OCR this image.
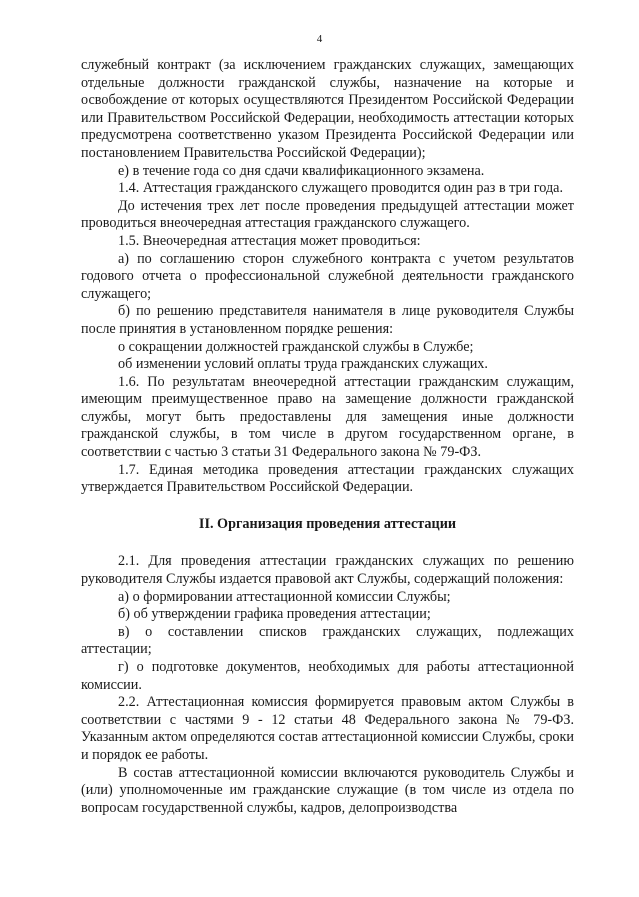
4

служебный контракт (за исключением гражданских служащих, замещающих отдельные должности гражданской службы, назначение на которые и освобождение от которых осуществляются Президентом Российской Федерации или Правительством Российской Федерации, необходимость аттестации которых предусмотрена соответственно указом Президента Российской Федерации или постановлением Правительства Российской Федерации);

е) в течение года со дня сдачи квалификационного экзамена.

1.4. Аттестация гражданского служащего проводится один раз в три года.

До истечения трех лет после проведения предыдущей аттестации может проводиться внеочередная аттестация гражданского служащего.

1.5. Внеочередная аттестация может проводиться:

а) по соглашению сторон служебного контракта с учетом результатов годового отчета о профессиональной служебной деятельности гражданского служащего;

б) по решению представителя нанимателя в лице руководителя Службы после принятия в установленном порядке решения:

о сокращении должностей гражданской службы в Службе;

об изменении условий оплаты труда гражданских служащих.

1.6. По результатам внеочередной аттестации гражданским служащим, имеющим преимущественное право на замещение должности гражданской службы, могут быть предоставлены для замещения иные должности гражданской службы, в том числе в другом государственном органе, в соответствии с частью 3 статьи 31 Федерального закона № 79-ФЗ.

1.7. Единая методика проведения аттестации гражданских служащих утверждается Правительством Российской Федерации.

II. Организация проведения аттестации

2.1. Для проведения аттестации гражданских служащих по решению руководителя Службы издается правовой акт Службы, содержащий положения:

а) о формировании аттестационной комиссии Службы;

б) об утверждении графика проведения аттестации;

в) о составлении списков гражданских служащих, подлежащих аттестации;

г) о подготовке документов, необходимых для работы аттестационной комиссии.

2.2. Аттестационная комиссия формируется правовым актом Службы в соответствии с частями 9 - 12 статьи 48 Федерального закона № 79-ФЗ. Указанным актом определяются состав аттестационной комиссии Службы, сроки и порядок ее работы.

В состав аттестационной комиссии включаются руководитель Службы и (или) уполномоченные им гражданские служащие (в том числе из отдела по вопросам государственной службы, кадров, делопроизводства
